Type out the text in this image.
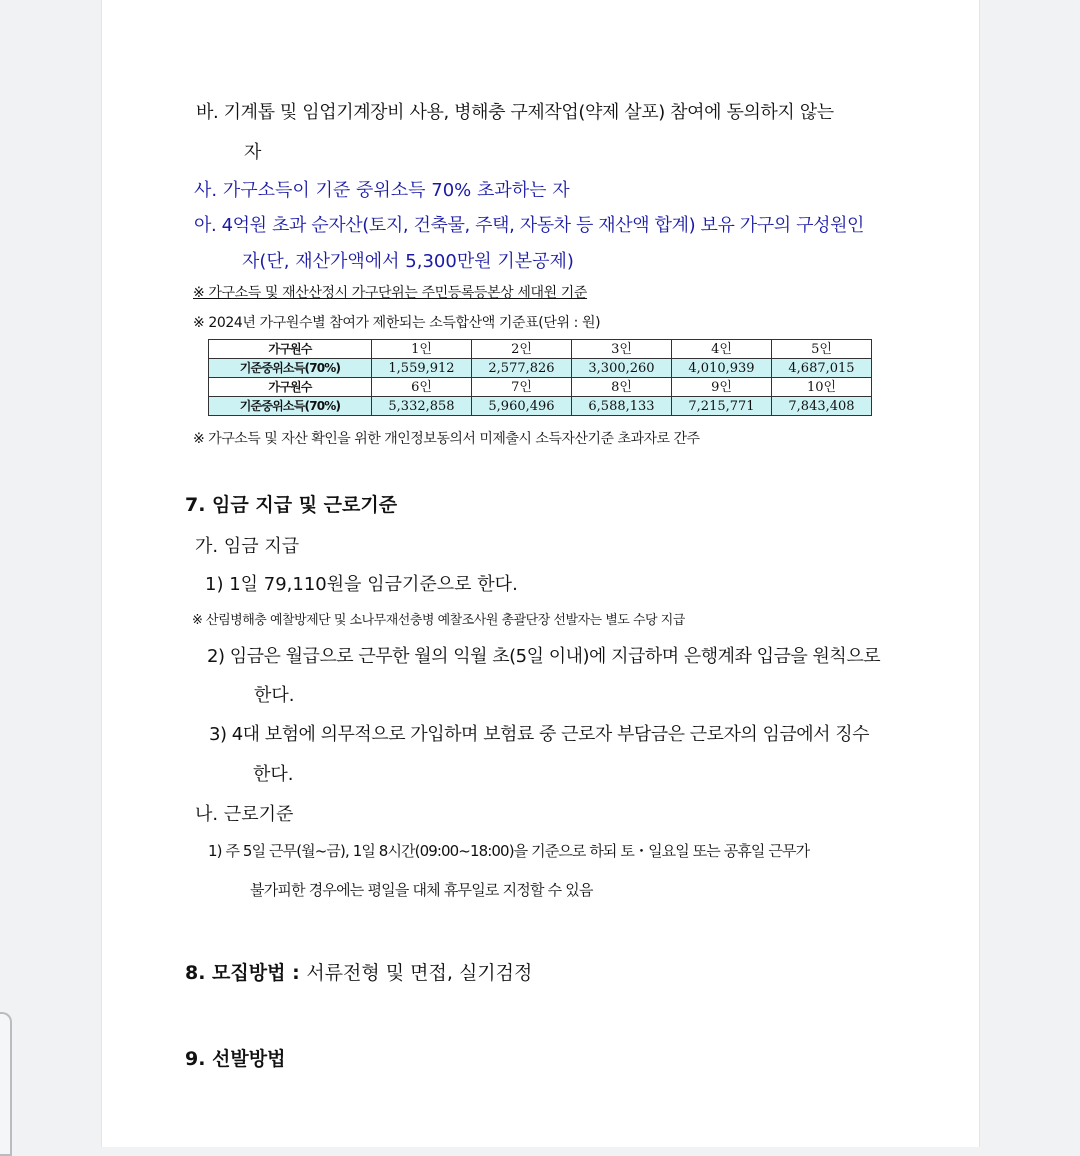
바. 기계톱 및 임업기계장비 사용, 병해충 구제작업(약제 살포) 참여에 동의하지 않는
자
사. 가구소득이 기준 중위소득 70% 초과하는 자
아. 4억원 초과 순자산(토지, 건축물, 주택, 자동차 등 재산액 합계) 보유 가구의 구성원인
자(단, 재산가액에서 5,300만원 기본공제)
※ 가구소득 및 재산산정시 가구단위는 주민등록등본상 세대원 기준
※ 2024년 가구원수별 참여가 제한되는 소득합산액 기준표(단위 : 원)
가구원수	1인	2인	3인	4인	5인
기준중위소득(70%)	1,559,912	2,577,826	3,300,260	4,010,939	4,687,015
가구원수	6인	7인	8인	9인	10인
기준중위소득(70%)	5,332,858	5,960,496	6,588,133	7,215,771	7,843,408
※ 가구소득 및 자산 확인을 위한 개인정보동의서 미제출시 소득자산기준 초과자로 간주
7. 임금 지급 및 근로기준
가. 임금 지급
1) 1일 79,110원을 임금기준으로 한다.
※ 산림병해충 예찰방제단 및 소나무재선충병 예찰조사원 총괄단장 선발자는 별도 수당 지급
2) 임금은 월급으로 근무한 월의 익월 초(5일 이내)에 지급하며 은행계좌 입금을 원칙으로
한다.
3) 4대 보험에 의무적으로 가입하며 보험료 중 근로자 부담금은 근로자의 임금에서 징수
한다.
나. 근로기준
1) 주 5일 근무(월~금), 1일 8시간(09:00~18:00)을 기준으로 하되 토・일요일 또는 공휴일 근무가
불가피한 경우에는 평일을 대체 휴무일로 지정할 수 있음
8. 모집방법 : 서류전형 및 면접, 실기검정
9. 선발방법
